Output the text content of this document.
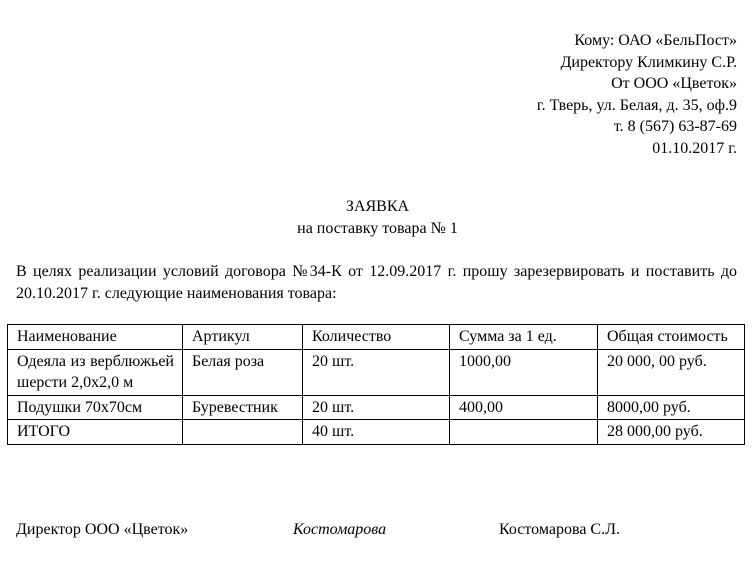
Кому: ОАО «БельПост»
Директору Климкину С.Р.
От ООО «Цветок»
г. Тверь, ул. Белая, д. 35, оф.9
т. 8 (567) 63-87-69
01.10.2017 г.
ЗАЯВКА
на поставку товара № 1
В целях реализации условий договора №34-К от 12.09.2017 г. прошу зарезервировать и поставить до 20.10.2017 г. следующие наименования товара:
Наименование	Артикул	Количество	Сумма за 1 ед.	Общая стоимость
Одеяла из верблюжьей шерсти 2,0х2,0 м	Белая роза	20 шт.	1000,00	20 000, 00 руб.
Подушки 70х70см	Буревестник	20 шт.	400,00	8000,00 руб.
ИТОГО		40 шт.		28 000,00 руб.
Директор ООО «Цветок»	Костомарова	Костомарова С.Л.
